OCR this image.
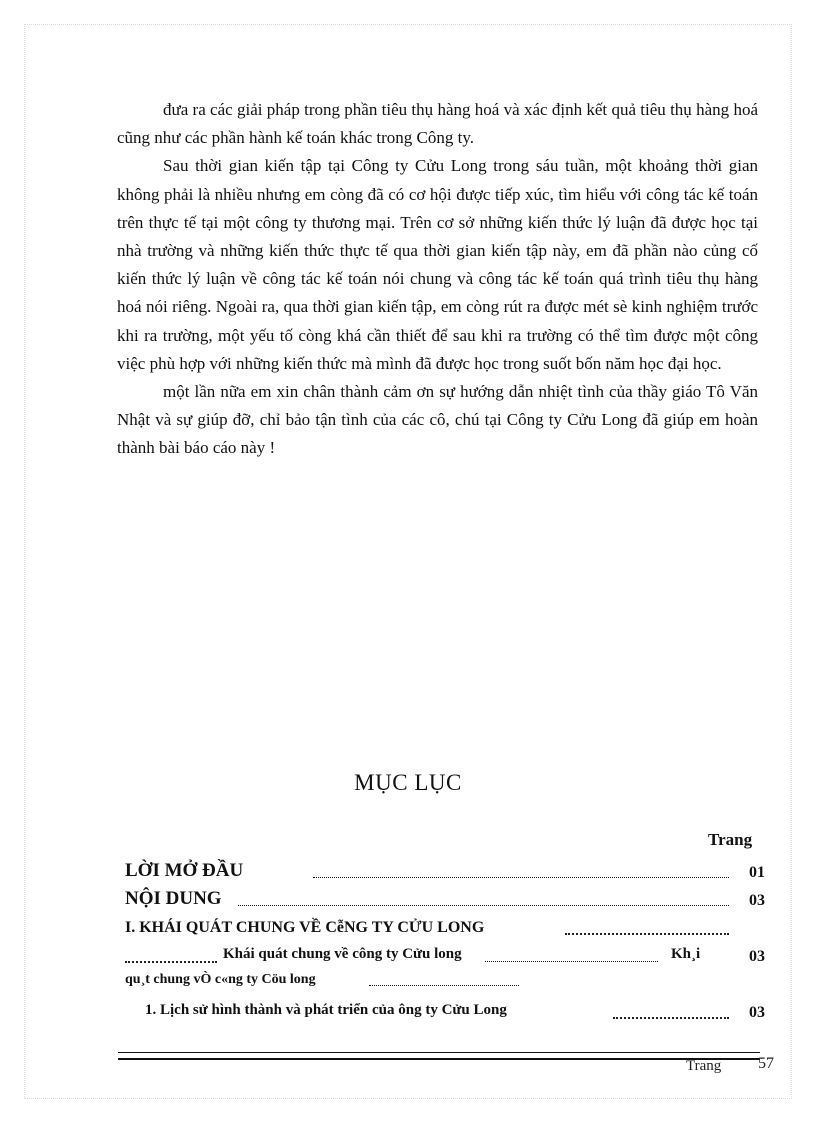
đưa ra các giải pháp trong phần tiêu thụ hàng hoá và xác định kết quả tiêu thụ hàng hoá cũng như các phần hành kế toán khác trong Công ty.

Sau thời gian kiến tập tại Công ty Cửu Long trong sáu tuần, một khoảng thời gian không phải là nhiều nhưng em còng đã có cơ hội được tiếp xúc, tìm hiểu với công tác kế toán trên thực tế tại một công ty thương mại. Trên cơ sở những kiến thức lý luận đã được học tại nhà trường và những kiến thức thực tế qua thời gian kiến tập này, em đã phần nào củng cố kiến thức lý luận về công tác kế toán nói chung và công tác kế toán quá trình tiêu thụ hàng hoá nói riêng. Ngoài ra, qua thời gian kiến tập, em còng rút ra được mét sè kinh nghiệm trước khi ra trường, một yếu tố còng khá cần thiết để sau khi ra trường có thể tìm được một công việc phù hợp với những kiến thức mà mình đã được học trong suốt bốn năm học đại học.

một lần nữa em xin chân thành cảm ơn sự hướng dẫn nhiệt tình của thầy giáo Tô Văn Nhật và sự giúp đỡ, chỉ bảo tận tình của các cô, chú tại Công ty Cửu Long đã giúp em hoàn thành bài báo cáo này !

MỤC LỤC
Trang
LỜI MỞ ĐẦU	01
NỘI DUNG	03
I. KHÁI QUÁT CHUNG VỀ CễNG TY CỬU LONG
Khái quát chung về công ty Cửu long	Kh¸i	03
qu¸t chung vÒ c«ng ty Cöu long
1. Lịch sử hình thành và phát triển của ông ty Cửu Long	03
Trang 57
